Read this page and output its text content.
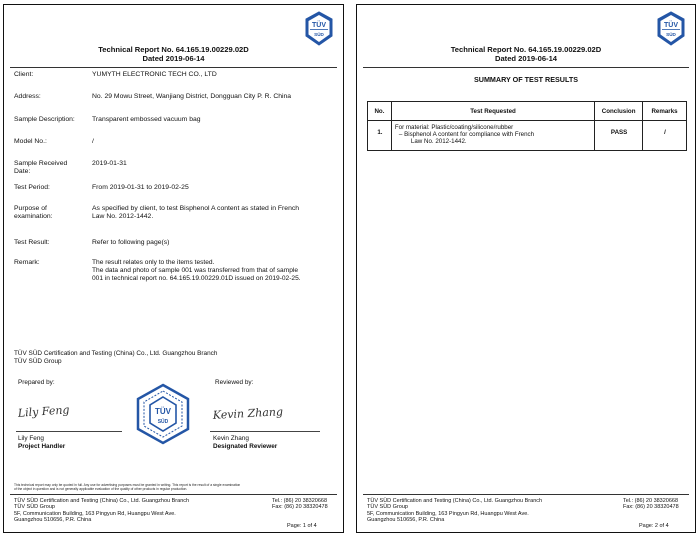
TÜV
SÜD
Technical Report No. 64.165.19.00229.02D
Dated 2019-06-14
Client:	YUMYTH ELECTRONIC TECH CO., LTD
Address:	No. 29 Mowu Street, Wanjiang District, Dongguan City P. R. China
Sample Description:	Transparent embossed vacuum bag
Model No.:	/
Sample Received
Date:
2019-01-31
Test Period:	From 2019-01-31 to 2019-02-25
Purpose of
examination:
As specified by client, to test Bisphenol A content as stated in French
Law No. 2012-1442.
Test Result:	Refer to following page(s)
Remark:	The result relates only to the items tested.
The data and photo of sample 001 was transferred from that of sample
001 in technical report no. 64.165.19.00229.01D issued on 2019-02-25.
TÜV SÜD Certification and Testing (China) Co., Ltd. Guangzhou Branch
TÜV SÜD Group
Prepared by:	Reviewed by:
Lily Feng	Kevin Zhang
TÜV
SÜD
Lily Feng
Project Handler
Kevin Zhang
Designated Reviewer
This technical report may only be quoted in full. Any use for advertising purposes must be granted in writing. This report is the result of a single examination
of the object in question and is not generally applicable evaluation of the quality of other products in regular production.
TÜV SÜD Certification and Testing (China) Co., Ltd. Guangzhou Branch
TÜV SÜD Group
5F, Communication Building, 163 Pingyun Rd, Huangpu West Ave.
Guangzhou 510656, P.R. China
Tel.: (86) 20 38320668
Fax: (86) 20 38320478
Page: 1 of 4
TÜV
SÜD
Technical Report No. 64.165.19.00229.02D
Dated 2019-06-14
SUMMARY OF TEST RESULTS
No.	Test Requested	Conclusion	Remarks
1.	For material: Plastic/coating/silicone/rubber
– Bisphenol A content for compliance with French
Law No. 2012-1442.	PASS	/
TÜV SÜD Certification and Testing (China) Co., Ltd. Guangzhou Branch
TÜV SÜD Group
5F, Communication Building, 163 Pingyun Rd, Huangpu West Ave.
Guangzhou 510656, P.R. China
Tel.: (86) 20 38320668
Fax: (86) 20 38320478
Page: 2 of 4
